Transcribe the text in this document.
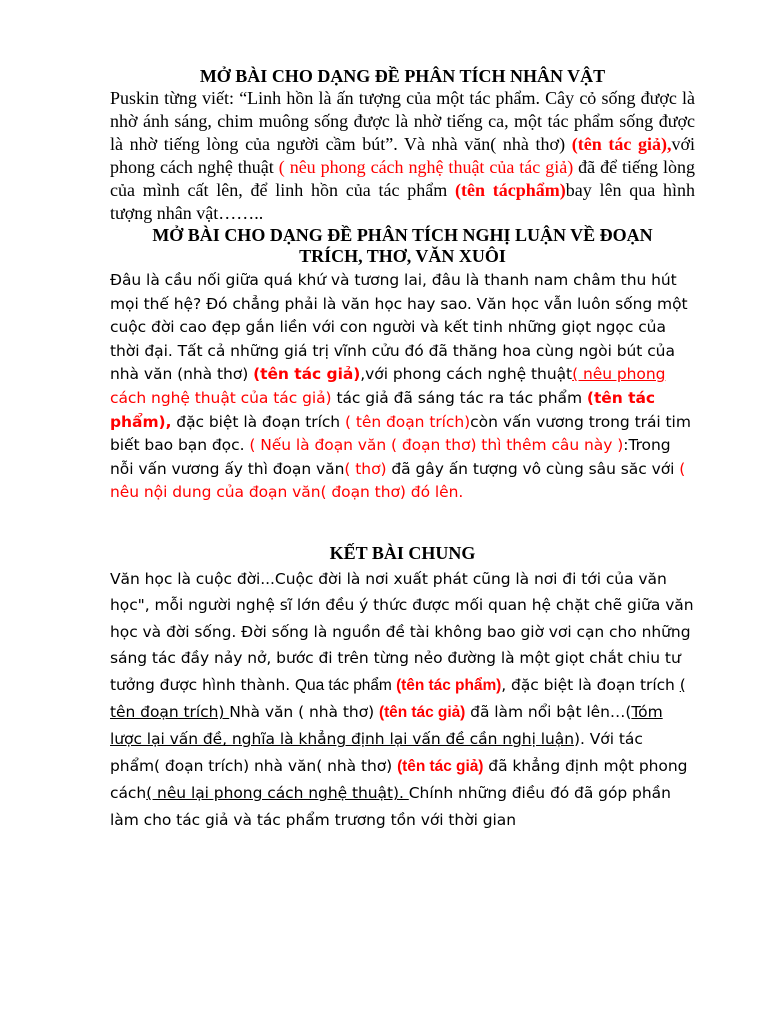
MỞ BÀI CHO DẠNG ĐỀ PHÂN TÍCH NHÂN VẬT

Puskin từng viết: “Linh hồn là ấn tượng của một tác phẩm. Cây cỏ sống được là nhờ ánh sáng, chim muông sống được là nhờ tiếng ca, một tác phẩm sống được là nhờ tiếng lòng của người cầm bút”. Và nhà văn( nhà thơ) (tên tác giả),với phong cách nghệ thuật ( nêu phong cách nghệ thuật của tác giả) đã để tiếng lòng của mình cất lên, để linh hồn của tác phẩm (tên tácphẩm)bay lên qua hình tượng nhân vật……..

MỞ BÀI CHO DẠNG ĐỀ PHÂN TÍCH NGHỊ LUẬN VỀ ĐOẠN
TRÍCH, THƠ, VĂN XUÔI

Đâu là cầu nối giữa quá khứ và tương lai, đâu là thanh nam châm thu hút mọi thế hệ? Đó chẳng phải là văn học hay sao. Văn học vẫn luôn sống một cuộc đời cao đẹp gắn liền với con người và kết tinh những giọt ngọc của thời đại. Tất cả những giá trị vĩnh cửu đó đã thăng hoa cùng ngòi bút của nhà văn (nhà thơ) (tên tác giả),với phong cách nghệ thuật( nêu phong cách nghệ thuật của tác giả) tác giả đã sáng tác ra tác phẩm (tên tác phẩm), đặc biệt là đoạn trích ( tên đoạn trích)còn vấn vương trong trái tim biết bao bạn đọc. ( Nếu là đoạn văn ( đoạn thơ) thì thêm câu này ):Trong nỗi vấn vương ấy thì đoạn văn( thơ) đã gây ấn tượng vô cùng sâu săc với ( nêu nội dung của đoạn văn( đoạn thơ) đó lên.

KẾT BÀI CHUNG

Văn học là cuộc đời...Cuộc đời là nơi xuất phát cũng là nơi đi tới của văn học", mỗi người nghệ sĩ lớn đều ý thức được mối quan hệ chặt chẽ giữa văn học và đời sống. Đời sống là nguồn đề tài không bao giờ vơi cạn cho những sáng tác đầy nảy nở, bước đi trên từng nẻo đường là một giọt chắt chiu tư tưởng được hình thành. Qua tác phẩm (tên tác phẩm), đặc biệt là đoạn trích ( tên đoạn trích) Nhà văn ( nhà thơ) (tên tác giả) đã làm nổi bật lên…(Tóm lược lại vấn đề, nghĩa là khẳng định lại vấn đề cần nghị luận). Với tác phẩm( đoạn trích) nhà văn( nhà thơ) (tên tác giả) đã khẳng định một phong cách( nêu lại phong cách nghệ thuật). Chính những điều đó đã góp phần làm cho tác giả và tác phẩm trương tồn với thời gian
